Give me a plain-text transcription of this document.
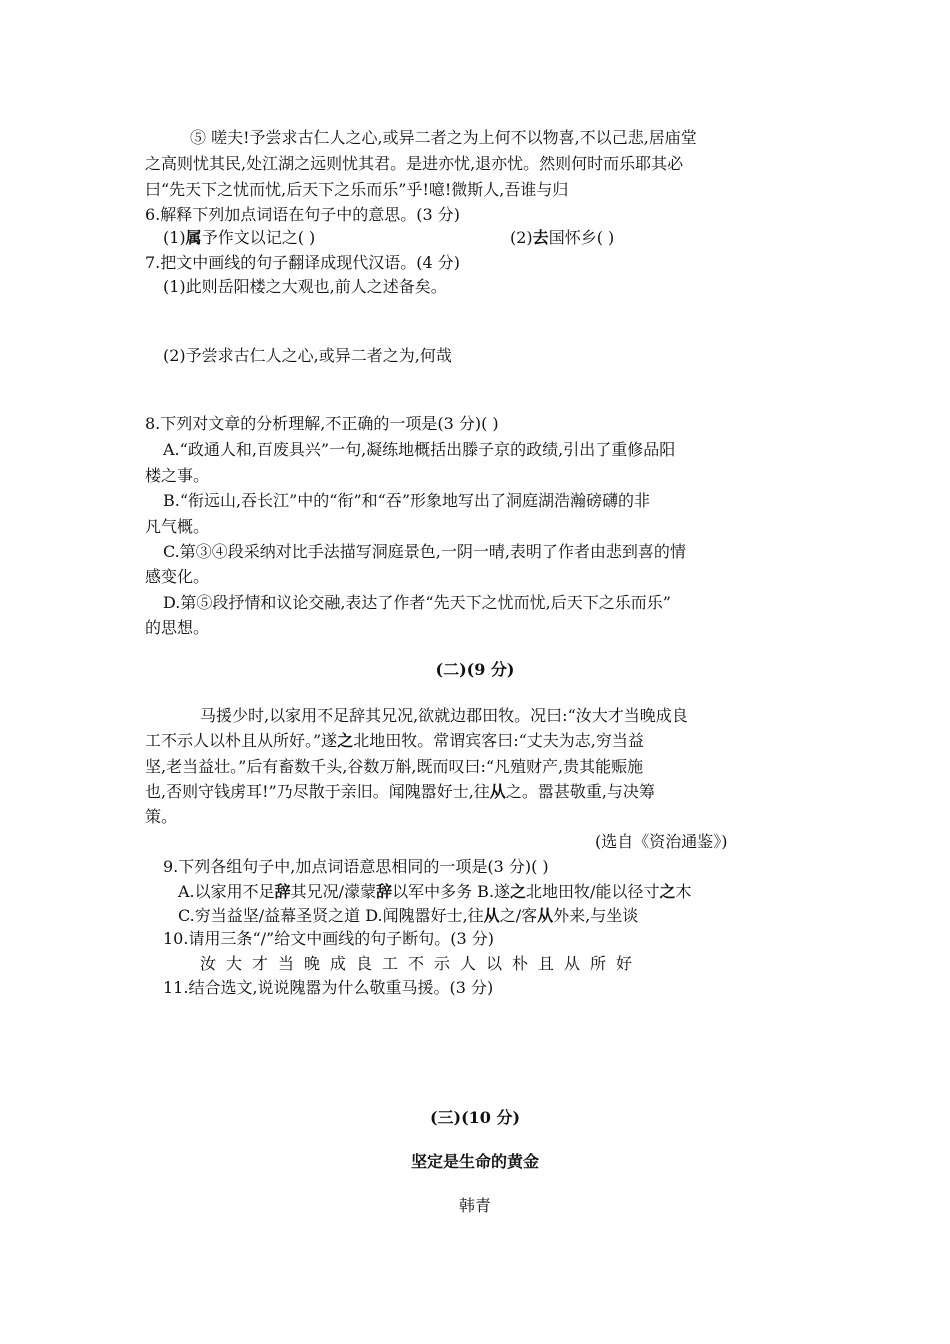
⑤ 嗟夫!予尝求古仁人之心,或异二者之为上何不以物喜,不以己悲,居庙堂
之高则忧其民,处江湖之远则忧其君。是进亦忧,退亦忧。然则何时而乐耶其必
曰“先天下之忧而忧,后天下之乐而乐”乎!噫!微斯人,吾谁与归
6.解释下列加点词语在句子中的意思。(3 分)
(1)属予作文以记之( )	(2)去国怀乡( )
7.把文中画线的句子翻译成现代汉语。(4 分)
(1)此则岳阳楼之大观也,前人之述备矣。
(2)予尝求古仁人之心,或异二者之为,何哉
8.下列对文章的分析理解,不正确的一项是(3 分)( )
A.“政通人和,百废具兴”一句,凝练地概括出滕子京的政绩,引出了重修品阳
楼之事。
B.“衔远山,吞长江”中的“衔”和“吞”形象地写出了洞庭湖浩瀚磅礴的非
凡气概。
C.第③④段采纳对比手法描写洞庭景色,一阴一晴,表明了作者由悲到喜的情
感变化。
D.第⑤段抒情和议论交融,表达了作者“先天下之忧而忧,后天下之乐而乐”
的思想。
(二)(9 分)
马援少时,以家用不足辞其兄况,欲就边郡田牧。况曰:“汝大才当晚成良
工不示人以朴且从所好。”遂之北地田牧。常谓宾客曰:“丈夫为志,穷当益
坚,老当益壮。”后有畜数千头,谷数万斛,既而叹曰:“凡殖财产,贵其能赈施
也,否则守钱虏耳!”乃尽散于亲旧。闻隗嚣好士,往从之。嚣甚敬重,与决筹
策。
(选自《资治通鉴》)
9.下列各组句子中,加点词语意思相同的一项是(3 分)( )
A.以家用不足辞其兄况/濛蒙辞以军中多务 B.遂之北地田牧/能以径寸之木
C.穷当益坚/益幕圣贤之道 D.闻隗嚣好士,往从之/客从外来,与坐谈
10.请用三条“/”给文中画线的句子断句。(3 分)
汝大才当晚成良工不示人以朴且从所好
11.结合选文,说说隗嚣为什么敬重马援。(3 分)
(三)(10 分)
坚定是生命的黄金
韩青
